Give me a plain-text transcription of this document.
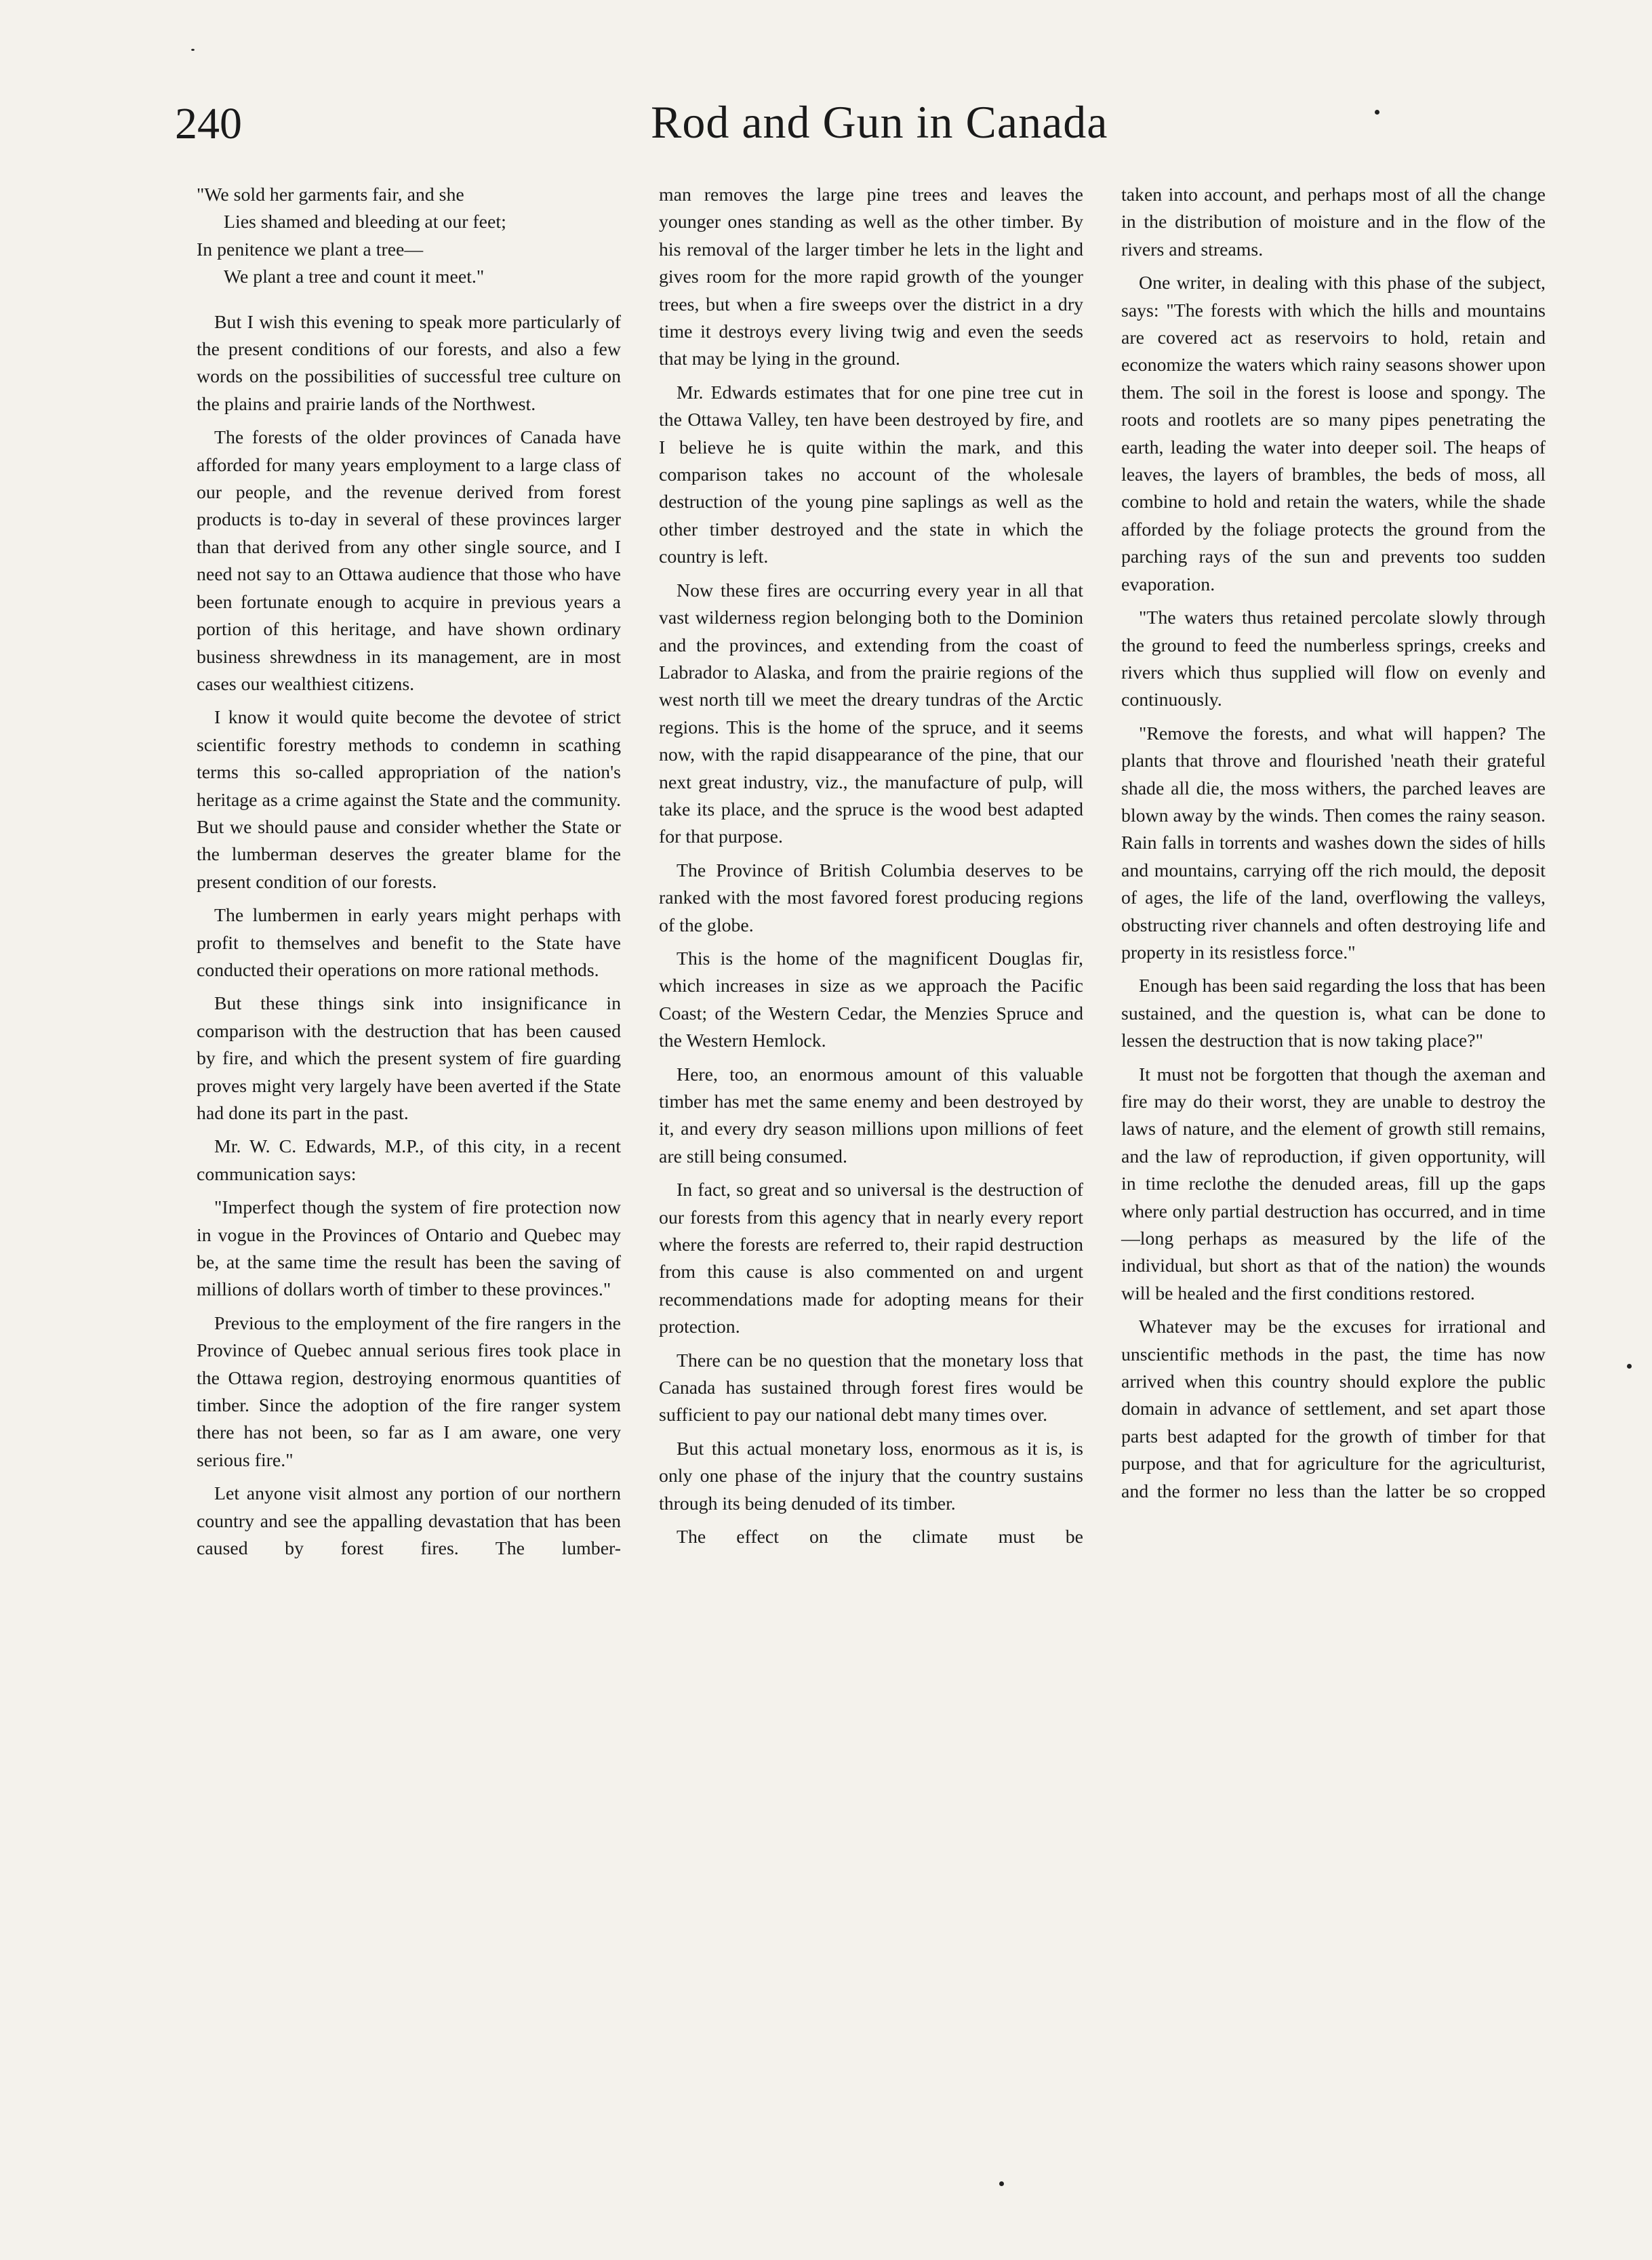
240	Rod and Gun in Canada
"We sold her garments fair, and she
Lies shamed and bleeding at our feet;
In penitence we plant a tree—
We plant a tree and count it meet."

But I wish this evening to speak more particularly of the present conditions of our forests, and also a few words on the possibilities of successful tree culture on the plains and prairie lands of the Northwest.

The forests of the older provinces of Canada have afforded for many years employment to a large class of our people, and the revenue derived from forest products is to-day in several of these provinces larger than that derived from any other single source, and I need not say to an Ottawa audience that those who have been fortunate enough to acquire in previous years a portion of this heritage, and have shown ordinary business shrewdness in its management, are in most cases our wealthiest citizens.

I know it would quite become the devotee of strict scientific forestry methods to condemn in scathing terms this so-called appropriation of the nation's heritage as a crime against the State and the community. But we should pause and consider whether the State or the lumberman deserves the greater blame for the present condition of our forests.

The lumbermen in early years might perhaps with profit to themselves and benefit to the State have conducted their operations on more rational methods.

But these things sink into insignificance in comparison with the destruction that has been caused by fire, and which the present system of fire guarding proves might very largely have been averted if the State had done its part in the past.

Mr. W. C. Edwards, M.P., of this city, in a recent communication says:

"Imperfect though the system of fire protection now in vogue in the Provinces of Ontario and Quebec may be, at the same time the result has been the saving of millions of dollars worth of timber to these provinces."

Previous to the employment of the fire rangers in the Province of Quebec annual serious fires took place in the Ottawa region, destroying enormous quantities of timber. Since the adoption of the fire ranger system there has not been, so far as I am aware, one very serious fire."

Let anyone visit almost any portion of our northern country and see the appalling devastation that has been caused by forest fires. The lumber-

man removes the large pine trees and leaves the younger ones standing as well as the other timber. By his removal of the larger timber he lets in the light and gives room for the more rapid growth of the younger trees, but when a fire sweeps over the district in a dry time it destroys every living twig and even the seeds that may be lying in the ground.

Mr. Edwards estimates that for one pine tree cut in the Ottawa Valley, ten have been destroyed by fire, and I believe he is quite within the mark, and this comparison takes no account of the wholesale destruction of the young pine saplings as well as the other timber destroyed and the state in which the country is left.

Now these fires are occurring every year in all that vast wilderness region belonging both to the Dominion and the provinces, and extending from the coast of Labrador to Alaska, and from the prairie regions of the west north till we meet the dreary tundras of the Arctic regions. This is the home of the spruce, and it seems now, with the rapid disappearance of the pine, that our next great industry, viz., the manufacture of pulp, will take its place, and the spruce is the wood best adapted for that purpose.

The Province of British Columbia deserves to be ranked with the most favored forest producing regions of the globe.

This is the home of the magnificent Douglas fir, which increases in size as we approach the Pacific Coast; of the Western Cedar, the Menzies Spruce and the Western Hemlock.

Here, too, an enormous amount of this valuable timber has met the same enemy and been destroyed by it, and every dry season millions upon millions of feet are still being consumed.

In fact, so great and so universal is the destruction of our forests from this agency that in nearly every report where the forests are referred to, their rapid destruction from this cause is also commented on and urgent recommendations made for adopting means for their protection.

There can be no question that the monetary loss that Canada has sustained through forest fires would be sufficient to pay our national debt many times over.

But this actual monetary loss, enormous as it is, is only one phase of the injury that the country sustains through its being denuded of its timber.

The effect on the climate must be

taken into account, and perhaps most of all the change in the distribution of moisture and in the flow of the rivers and streams.

One writer, in dealing with this phase of the subject, says: "The forests with which the hills and mountains are covered act as reservoirs to hold, retain and economize the waters which rainy seasons shower upon them. The soil in the forest is loose and spongy. The roots and rootlets are so many pipes penetrating the earth, leading the water into deeper soil. The heaps of leaves, the layers of brambles, the beds of moss, all combine to hold and retain the waters, while the shade afforded by the foliage protects the ground from the parching rays of the sun and prevents too sudden evaporation.

"The waters thus retained percolate slowly through the ground to feed the numberless springs, creeks and rivers which thus supplied will flow on evenly and continuously.

"Remove the forests, and what will happen? The plants that throve and flourished 'neath their grateful shade all die, the moss withers, the parched leaves are blown away by the winds. Then comes the rainy season. Rain falls in torrents and washes down the sides of hills and mountains, carrying off the rich mould, the deposit of ages, the life of the land, overflowing the valleys, obstructing river channels and often destroying life and property in its resistless force."

Enough has been said regarding the loss that has been sustained, and the question is, what can be done to lessen the destruction that is now taking place?"

It must not be forgotten that though the axeman and fire may do their worst, they are unable to destroy the laws of nature, and the element of growth still remains, and the law of reproduction, if given opportunity, will in time reclothe the denuded areas, fill up the gaps where only partial destruction has occurred, and in time—long perhaps as measured by the life of the individual, but short as that of the nation) the wounds will be healed and the first conditions restored.

Whatever may be the excuses for irrational and unscientific methods in the past, the time has now arrived when this country should explore the public domain in advance of settlement, and set apart those parts best adapted for the growth of timber for that purpose, and that for agriculture for the agriculturist, and the former no less than the latter be so cropped
